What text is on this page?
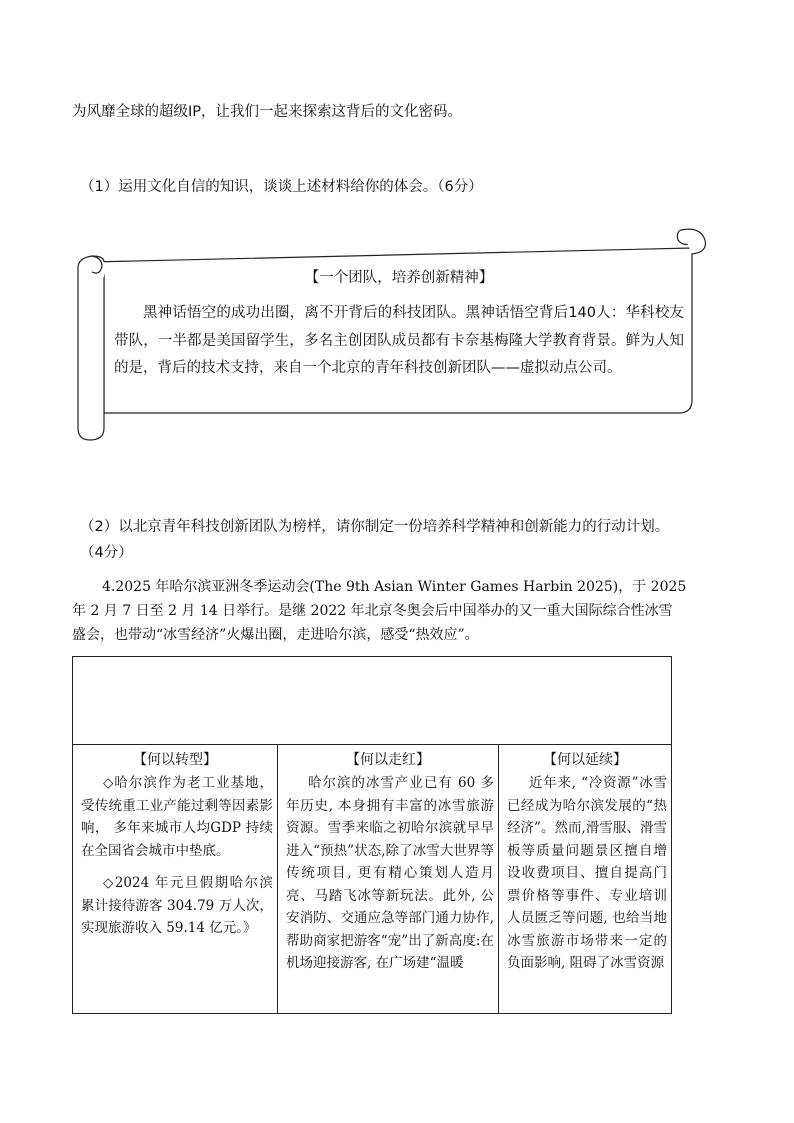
为风靡全球的超级IP，让我们一起来探索这背后的文化密码。
（1）运用文化自信的知识，谈谈上述材料给你的体会。（6分）
【一个团队，培养创新精神】
黑神话悟空的成功出圈，离不开背后的科技团队。黑神话悟空背后140人：华科校友带队，一半都是美国留学生，多名主创团队成员都有卡奈基梅隆大学教育背景。鲜为人知的是，背后的技术支持，来自一个北京的青年科技创新团队——虚拟动点公司。
（2）以北京青年科技创新团队为榜样，请你制定一份培养科学精神和创新能力的行动计划。
（4分）
4.2025 年哈尔滨亚洲冬季运动会(The 9th Asian Winter Games Harbin 2025)，于 2025
年 2 月 7 日至 2 月 14 日举行。是继 2022 年北京冬奥会后中国举办的又一重大国际综合性冰雪
盛会，也带动“冰雪经济”火爆出圈，走进哈尔滨，感受“热效应”。
【何以转型】

◇哈尔滨作为老工业基地，受传统重工业产能过剩等因素影响， 多年来城市人均GDP 持续在全国省会城市中垫底。

◇2024 年元旦假期哈尔滨累计接待游客 304.79 万人次，实现旅游收入 59.14 亿元。》

【何以走红】

哈尔滨的冰雪产业已有 60 多年历史, 本身拥有丰富的冰雪旅游资源。雪季来临之初哈尔滨就早早进入“预热”状态,除了冰雪大世界等传统项目, 更有精心策划人造月亮、马踏飞冰等新玩法。此外, 公安消防、交通应急等部门通力协作, 帮助商家把游客“宠”出了新高度:在机场迎接游客, 在广场建“温暖

【何以延续】

近年来, “冷资源”冰雪已经成为哈尔滨发展的“热经济”。然而,滑雪服、滑雪板等质量问题景区擅自增设收费项目、擅自提高门票价格等事件、专业培训人员匮乏等问题, 也给当地冰雪旅游市场带来一定的负面影响, 阻碍了冰雪资源
